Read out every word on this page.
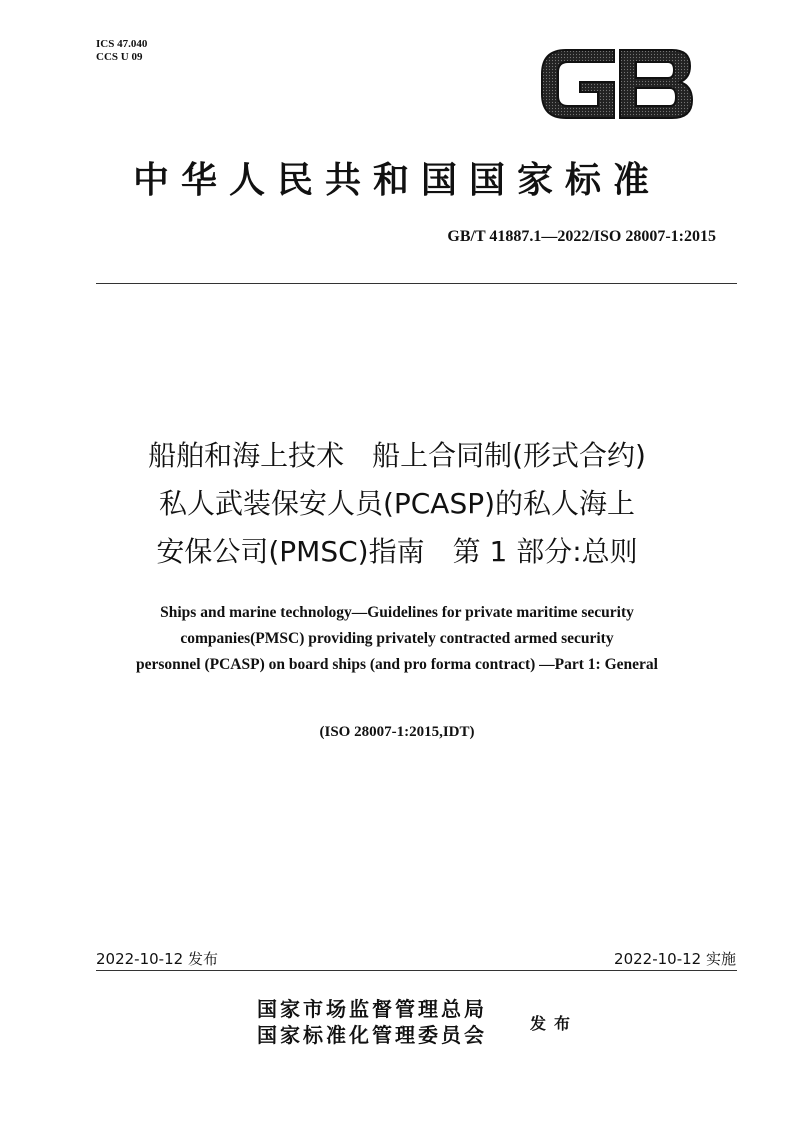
ICS 47.040
CCS U 09
中华人民共和国国家标准
GB/T 41887.1—2022/ISO 28007-1:2015
船舶和海上技术　船上合同制(形式合约)
私人武装保安人员(PCASP)的私人海上
安保公司(PMSC)指南　第 1 部分:总则
Ships and marine technology—Guidelines for private maritime security
companies(PMSC) providing privately contracted armed security
personnel (PCASP) on board ships (and pro forma contract) —Part 1: General
(ISO 28007-1:2015,IDT)
2022-10-12 发布	2022-10-12 实施
国家市场监督管理总局
国家标准化管理委员会	发布
